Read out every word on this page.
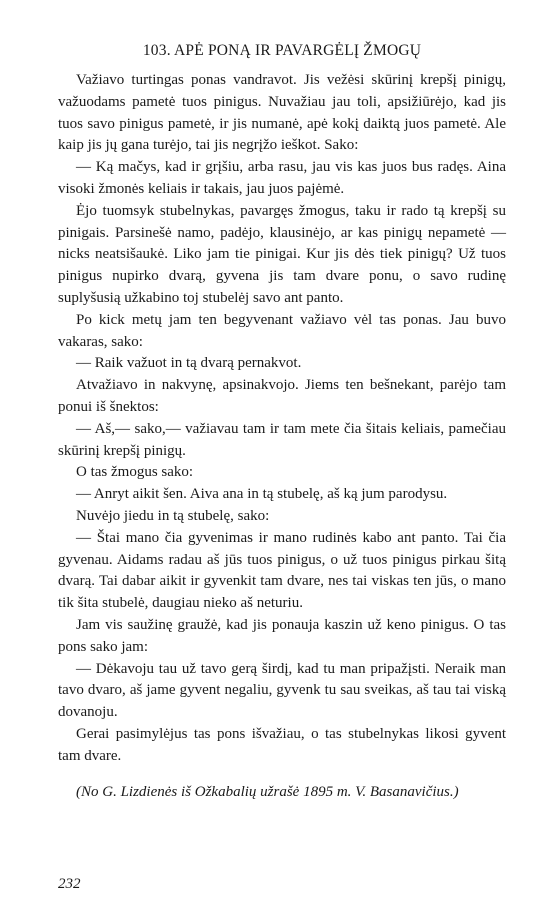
103. APĖ PONĄ IR PAVARGĖLĮ ŽMOGŲ

Važiavo turtingas ponas vandravot. Jis vežėsi skūrinį krepšį pinigų, važuodams pametė tuos pinigus. Nuvažiau jau toli, apsižiūrėjo, kad jis tuos savo pinigus pametė, ir jis numanė, apė kokį daiktą juos pametė. Ale kaip jis jų gana turėjo, tai jis negrįžo ieškot. Sako:

— Ką mačys, kad ir grįšiu, arba rasu, jau vis kas juos bus radęs. Aina visoki žmonės keliais ir takais, jau juos pajėmė.

Ėjo tuomsyk stubelnykas, pavargęs žmogus, taku ir rado tą krepšį su pinigais. Parsinešė namo, padėjo, klausinėjo, ar kas pinigų nepametė — nicks neatsišaukė. Liko jam tie pinigai. Kur jis dės tiek pinigų? Už tuos pinigus nupirko dvarą, gyvena jis tam dvare ponu, o savo rudinę suplyšusią užkabino toj stubelėj savo ant panto.

Po kick metų jam ten begyvenant važiavo vėl tas ponas. Jau buvo vakaras, sako:

— Raik važuot in tą dvarą pernakvot.

Atvažiavo in nakvynę, apsinakvojo. Jiems ten bešnekant, parėjo tam ponui iš šnektos:

— Aš,— sako,— važiavau tam ir tam mete čia šitais keliais, pamečiau skūrinį krepšį pinigų.

O tas žmogus sako:

— Anryt aikit šen. Aiva ana in tą stubelę, aš ką jum parodysu.

Nuvėjo jiedu in tą stubelę, sako:

— Štai mano čia gyvenimas ir mano rudinės kabo ant panto. Tai čia gyvenau. Aidams radau aš jūs tuos pinigus, o už tuos pinigus pirkau šitą dvarą. Tai dabar aikit ir gyvenkit tam dvare, nes tai viskas ten jūs, o mano tik šita stubelė, daugiau nieko aš neturiu.

Jam vis saužinę graužė, kad jis ponauja kaszin už keno pinigus. O tas pons sako jam:

— Dėkavoju tau už tavo gerą širdį, kad tu man pripažįsti. Neraik man tavo dvaro, aš jame gyvent negaliu, gyvenk tu sau sveikas, aš tau tai viską dovanoju.

Gerai pasimylėjus tas pons išvažiau, o tas stubelnykas likosi gyvent tam dvare.

(No G. Lizdienės iš Ožkabalių užrašė 1895 m. V. Basanavičius.)

232
